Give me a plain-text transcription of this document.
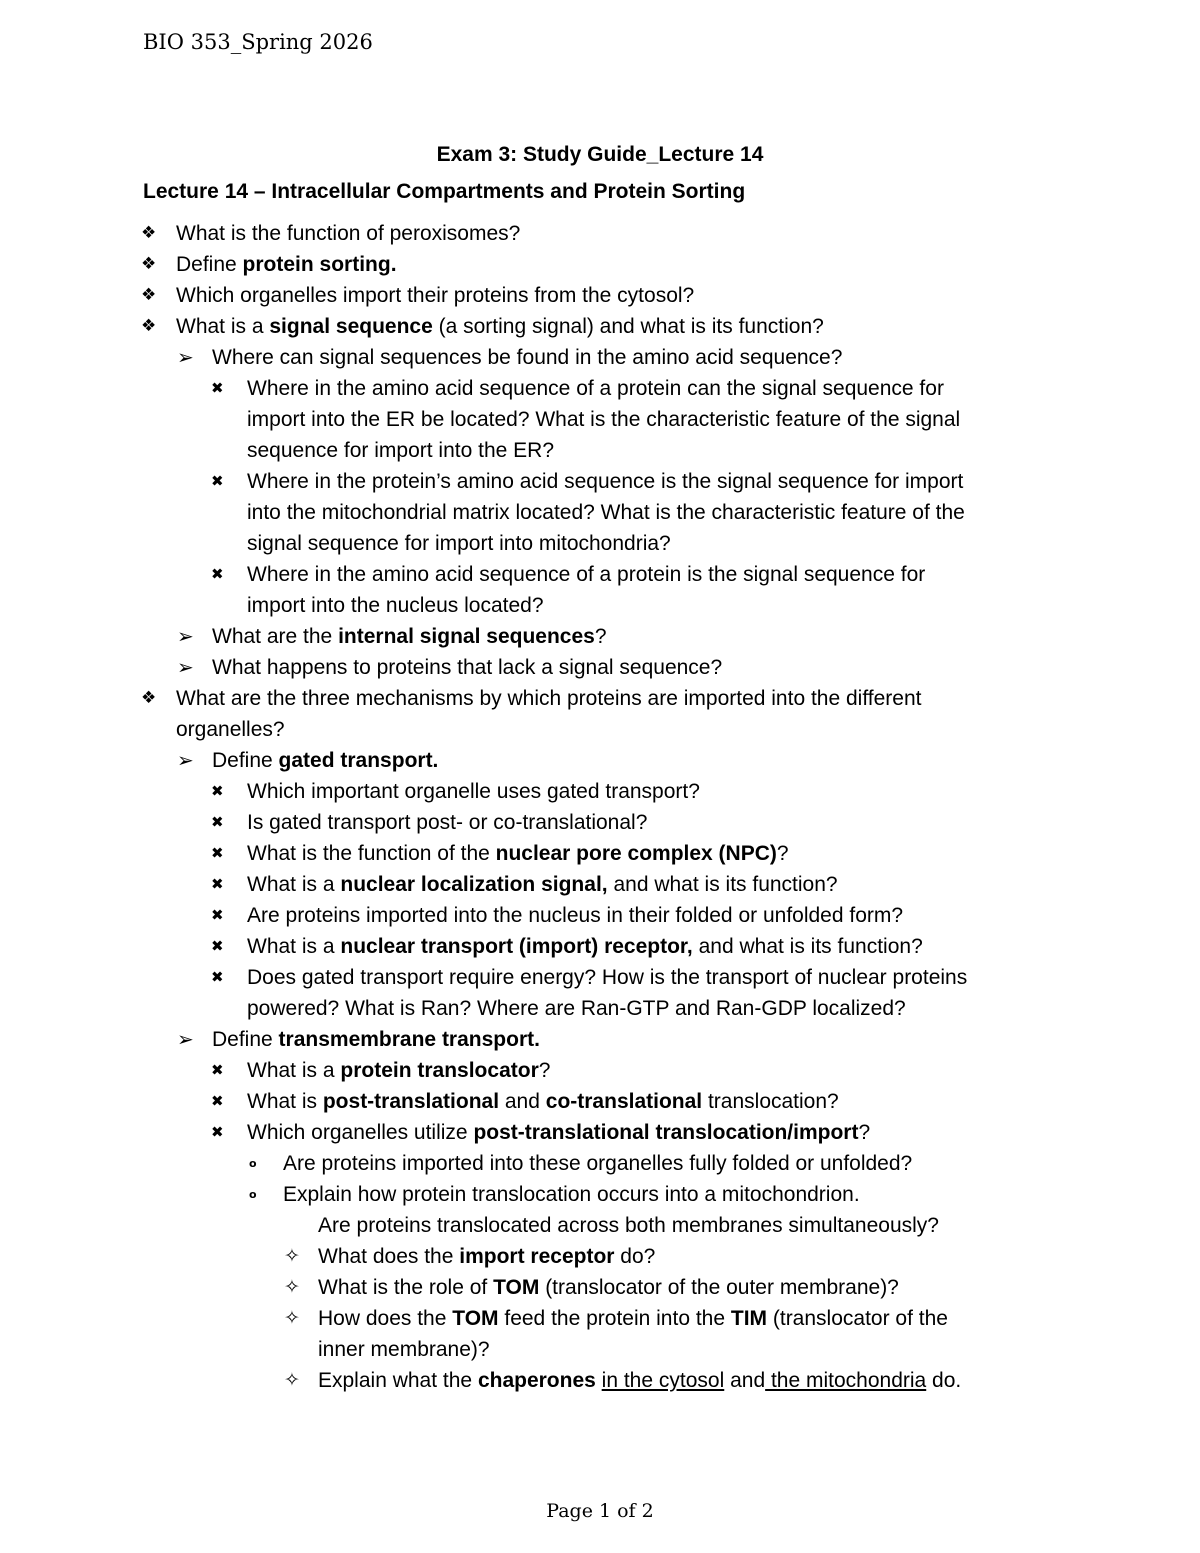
BIO 353_Spring 2026
Exam 3: Study Guide_Lecture 14
Lecture 14 – Intracellular Compartments and Protein Sorting
❖ What is the function of peroxisomes?
❖ Define protein sorting.
❖ Which organelles import their proteins from the cytosol?
❖ What is a signal sequence (a sorting signal) and what is its function?
➢ Where can signal sequences be found in the amino acid sequence?
✖ Where in the amino acid sequence of a protein can the signal sequence for
import into the ER be located? What is the characteristic feature of the signal
sequence for import into the ER?
✖ Where in the protein’s amino acid sequence is the signal sequence for import
into the mitochondrial matrix located? What is the characteristic feature of the
signal sequence for import into mitochondria?
✖ Where in the amino acid sequence of a protein is the signal sequence for
import into the nucleus located?
➢ What are the internal signal sequences?
➢ What happens to proteins that lack a signal sequence?
❖ What are the three mechanisms by which proteins are imported into the different
organelles?
➢ Define gated transport.
✖ Which important organelle uses gated transport?
✖ Is gated transport post- or co-translational?
✖ What is the function of the nuclear pore complex (NPC)?
✖ What is a nuclear localization signal, and what is its function?
✖ Are proteins imported into the nucleus in their folded or unfolded form?
✖ What is a nuclear transport (import) receptor, and what is its function?
✖ Does gated transport require energy? How is the transport of nuclear proteins
powered? What is Ran? Where are Ran-GTP and Ran-GDP localized?
➢ Define transmembrane transport.
✖ What is a protein translocator?
✖ What is post-translational and co-translational translocation?
✖ Which organelles utilize post-translational translocation/import?
o Are proteins imported into these organelles fully folded or unfolded?
o Explain how protein translocation occurs into a mitochondrion.
Are proteins translocated across both membranes simultaneously?
✧ What does the import receptor do?
✧ What is the role of TOM (translocator of the outer membrane)?
✧ How does the TOM feed the protein into the TIM (translocator of the
inner membrane)?
✧ Explain what the chaperones in the cytosol and the mitochondria do.
Page 1 of 2
